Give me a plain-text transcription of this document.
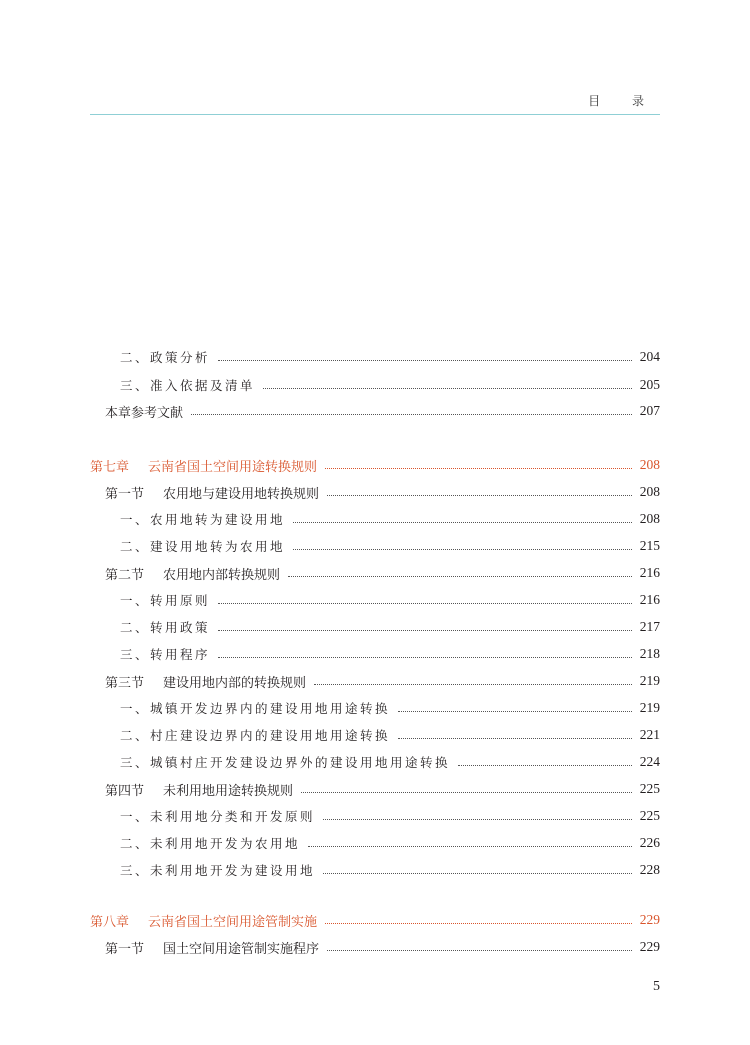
目 录
二、政策分析	204
三、准入依据及清单	205
本章参考文献	207
第七章 云南省国土空间用途转换规则	208
第一节 农用地与建设用地转换规则	208
一、农用地转为建设用地	208
二、建设用地转为农用地	215
第二节 农用地内部转换规则	216
一、转用原则	216
二、转用政策	217
三、转用程序	218
第三节 建设用地内部的转换规则	219
一、城镇开发边界内的建设用地用途转换	219
二、村庄建设边界内的建设用地用途转换	221
三、城镇村庄开发建设边界外的建设用地用途转换	224
第四节 未利用地用途转换规则	225
一、未利用地分类和开发原则	225
二、未利用地开发为农用地	226
三、未利用地开发为建设用地	228
第八章 云南省国土空间用途管制实施	229
第一节 国土空间用途管制实施程序	229
5
